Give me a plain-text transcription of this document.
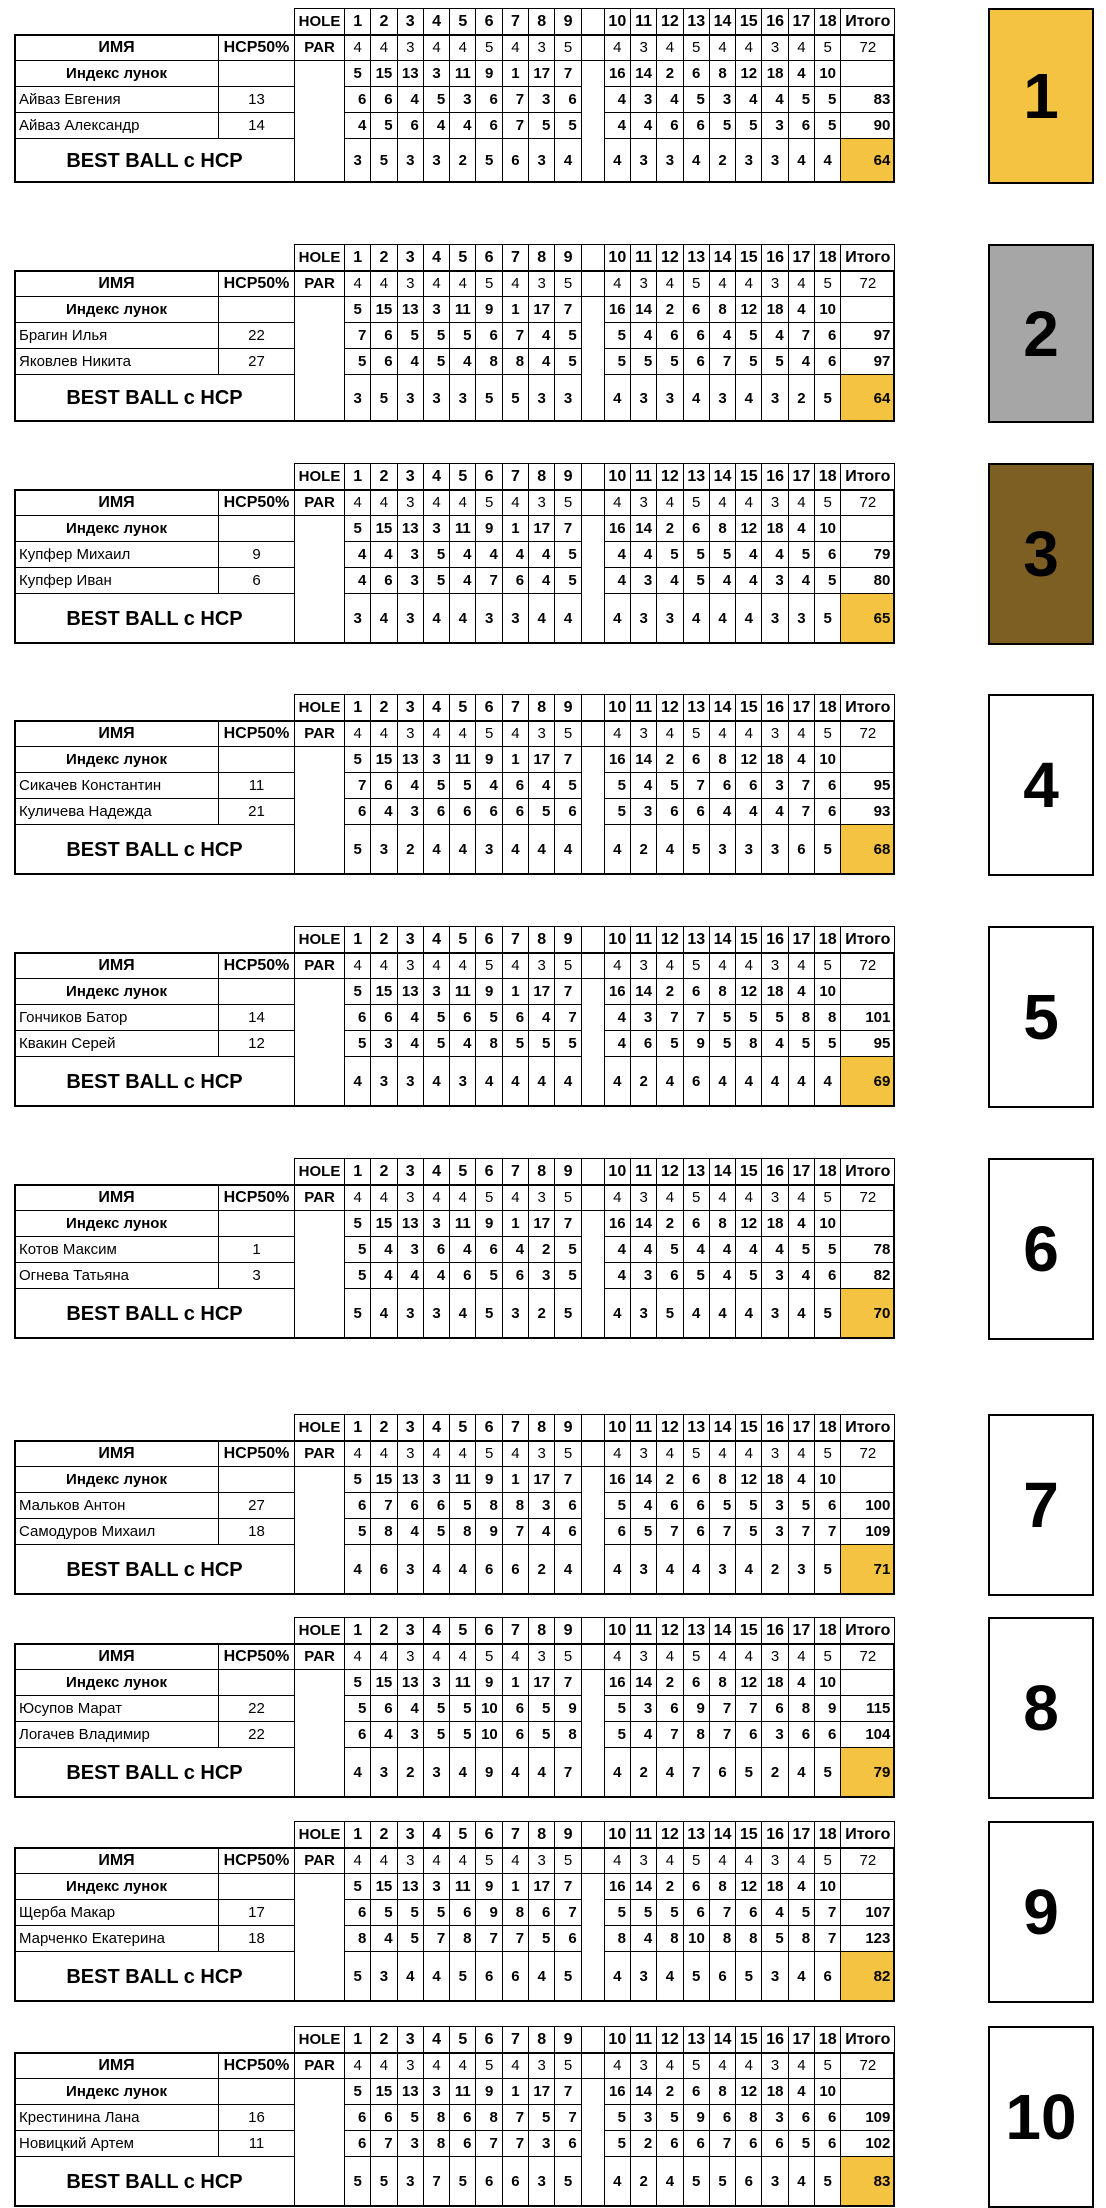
		HOLE	1	2	3	4	5	6	7	8	9		10	11	12	13	14	15	16	17	18	Итого
ИМЯ	HCP50%	PAR	4	4	3	4	4	5	4	3	5		4	3	4	5	4	4	3	4	5	72
Индекс лунок			5	15	13	3	11	9	1	17	7		16	14	2	6	8	12	18	4	10	
Айваз Евгения	13		6	6	4	5	3	6	7	3	6		4	3	4	5	3	4	4	5	5	83
Айваз Александр	14		4	5	6	4	4	6	7	5	5		4	4	6	6	5	5	3	6	5	90
BEST BALL с HCP			3	5	3	3	2	5	6	3	4		4	3	3	4	2	3	3	4	4	64
1
		HOLE	1	2	3	4	5	6	7	8	9		10	11	12	13	14	15	16	17	18	Итого
ИМЯ	HCP50%	PAR	4	4	3	4	4	5	4	3	5		4	3	4	5	4	4	3	4	5	72
Индекс лунок			5	15	13	3	11	9	1	17	7		16	14	2	6	8	12	18	4	10	
Брагин Илья	22		7	6	5	5	5	6	7	4	5		5	4	6	6	4	5	4	7	6	97
Яковлев Никита	27		5	6	4	5	4	8	8	4	5		5	5	5	6	7	5	5	4	6	97
BEST BALL с HCP			3	5	3	3	3	5	5	3	3		4	3	3	4	3	4	3	2	5	64
2
		HOLE	1	2	3	4	5	6	7	8	9		10	11	12	13	14	15	16	17	18	Итого
ИМЯ	HCP50%	PAR	4	4	3	4	4	5	4	3	5		4	3	4	5	4	4	3	4	5	72
Индекс лунок			5	15	13	3	11	9	1	17	7		16	14	2	6	8	12	18	4	10	
Купфер Михаил	9		4	4	3	5	4	4	4	4	5		4	4	5	5	5	4	4	5	6	79
Купфер Иван	6		4	6	3	5	4	7	6	4	5		4	3	4	5	4	4	3	4	5	80
BEST BALL с HCP			3	4	3	4	4	3	3	4	4		4	3	3	4	4	4	3	3	5	65
3
		HOLE	1	2	3	4	5	6	7	8	9		10	11	12	13	14	15	16	17	18	Итого
ИМЯ	HCP50%	PAR	4	4	3	4	4	5	4	3	5		4	3	4	5	4	4	3	4	5	72
Индекс лунок			5	15	13	3	11	9	1	17	7		16	14	2	6	8	12	18	4	10	
Сикачев Константин	11		7	6	4	5	5	4	6	4	5		5	4	5	7	6	6	3	7	6	95
Куличева Надежда	21		6	4	3	6	6	6	6	5	6		5	3	6	6	4	4	4	7	6	93
BEST BALL с HCP			5	3	2	4	4	3	4	4	4		4	2	4	5	3	3	3	6	5	68
4
		HOLE	1	2	3	4	5	6	7	8	9		10	11	12	13	14	15	16	17	18	Итого
ИМЯ	HCP50%	PAR	4	4	3	4	4	5	4	3	5		4	3	4	5	4	4	3	4	5	72
Индекс лунок			5	15	13	3	11	9	1	17	7		16	14	2	6	8	12	18	4	10	
Гончиков Батор	14		6	6	4	5	6	5	6	4	7		4	3	7	7	5	5	5	8	8	101
Квакин Серей	12		5	3	4	5	4	8	5	5	5		4	6	5	9	5	8	4	5	5	95
BEST BALL с HCP			4	3	3	4	3	4	4	4	4		4	2	4	6	4	4	4	4	4	69
5
		HOLE	1	2	3	4	5	6	7	8	9		10	11	12	13	14	15	16	17	18	Итого
ИМЯ	HCP50%	PAR	4	4	3	4	4	5	4	3	5		4	3	4	5	4	4	3	4	5	72
Индекс лунок			5	15	13	3	11	9	1	17	7		16	14	2	6	8	12	18	4	10	
Котов Максим	1		5	4	3	6	4	6	4	2	5		4	4	5	4	4	4	4	5	5	78
Огнева Татьяна	3		5	4	4	4	6	5	6	3	5		4	3	6	5	4	5	3	4	6	82
BEST BALL с HCP			5	4	3	3	4	5	3	2	5		4	3	5	4	4	4	3	4	5	70
6
		HOLE	1	2	3	4	5	6	7	8	9		10	11	12	13	14	15	16	17	18	Итого
ИМЯ	HCP50%	PAR	4	4	3	4	4	5	4	3	5		4	3	4	5	4	4	3	4	5	72
Индекс лунок			5	15	13	3	11	9	1	17	7		16	14	2	6	8	12	18	4	10	
Мальков Антон	27		6	7	6	6	5	8	8	3	6		5	4	6	6	5	5	3	5	6	100
Самодуров Михаил	18		5	8	4	5	8	9	7	4	6		6	5	7	6	7	5	3	7	7	109
BEST BALL с HCP			4	6	3	4	4	6	6	2	4		4	3	4	4	3	4	2	3	5	71
7
		HOLE	1	2	3	4	5	6	7	8	9		10	11	12	13	14	15	16	17	18	Итого
ИМЯ	HCP50%	PAR	4	4	3	4	4	5	4	3	5		4	3	4	5	4	4	3	4	5	72
Индекс лунок			5	15	13	3	11	9	1	17	7		16	14	2	6	8	12	18	4	10	
Юсупов Марат	22		5	6	4	5	5	10	6	5	9		5	3	6	9	7	7	6	8	9	115
Логачев Владимир	22		6	4	3	5	5	10	6	5	8		5	4	7	8	7	6	3	6	6	104
BEST BALL с HCP			4	3	2	3	4	9	4	4	7		4	2	4	7	6	5	2	4	5	79
8
		HOLE	1	2	3	4	5	6	7	8	9		10	11	12	13	14	15	16	17	18	Итого
ИМЯ	HCP50%	PAR	4	4	3	4	4	5	4	3	5		4	3	4	5	4	4	3	4	5	72
Индекс лунок			5	15	13	3	11	9	1	17	7		16	14	2	6	8	12	18	4	10	
Щерба Макар	17		6	5	5	5	6	9	8	6	7		5	5	5	6	7	6	4	5	7	107
Марченко Екатерина	18		8	4	5	7	8	7	7	5	6		8	4	8	10	8	8	5	8	7	123
BEST BALL с HCP			5	3	4	4	5	6	6	4	5		4	3	4	5	6	5	3	4	6	82
9
		HOLE	1	2	3	4	5	6	7	8	9		10	11	12	13	14	15	16	17	18	Итого
ИМЯ	HCP50%	PAR	4	4	3	4	4	5	4	3	5		4	3	4	5	4	4	3	4	5	72
Индекс лунок			5	15	13	3	11	9	1	17	7		16	14	2	6	8	12	18	4	10	
Крестинина Лана	16		6	6	5	8	6	8	7	5	7		5	3	5	9	6	8	3	6	6	109
Новицкий Артем	11		6	7	3	8	6	7	7	3	6		5	2	6	6	7	6	6	5	6	102
BEST BALL с HCP			5	5	3	7	5	6	6	3	5		4	2	4	5	5	6	3	4	5	83
10
